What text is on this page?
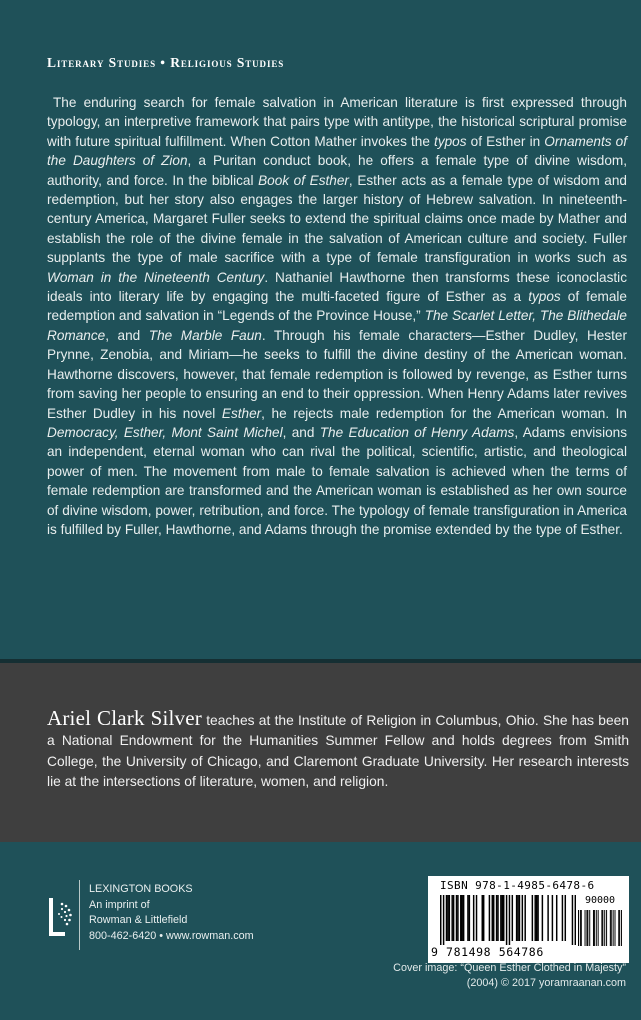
Literary Studies • Religious Studies

The enduring search for female salvation in American literature is first expressed through typology, an interpretive framework that pairs type with antitype, the historical scriptural promise with future spiritual fulfillment. When Cotton Mather invokes the typos of Esther in Ornaments of the Daughters of Zion, a Puritan conduct book, he offers a female type of divine wisdom, authority, and force. In the biblical Book of Esther, Esther acts as a female type of wisdom and redemption, but her story also engages the larger history of Hebrew salvation. In nineteenth-century America, Margaret Fuller seeks to extend the spiritual claims once made by Mather and establish the role of the divine female in the salvation of American culture and society. Fuller supplants the type of male sacrifice with a type of female transfiguration in works such as Woman in the Nineteenth Century. Nathaniel Hawthorne then transforms these iconoclastic ideals into literary life by engaging the multi-faceted figure of Esther as a typos of female redemption and salvation in “Legends of the Province House,” The Scarlet Letter, The Blithedale Romance, and The Marble Faun. Through his female characters—Esther Dudley, Hester Prynne, Zenobia, and Miriam—he seeks to fulfill the divine destiny of the American woman. Hawthorne discovers, however, that female redemption is followed by revenge, as Esther turns from saving her people to ensuring an end to their oppression. When Henry Adams later revives Esther Dudley in his novel Esther, he rejects male redemption for the American woman. In Democracy, Esther, Mont Saint Michel, and The Education of Henry Adams, Adams envisions an independent, eternal woman who can rival the political, scientific, artistic, and theological power of men. The movement from male to female salvation is achieved when the terms of female redemption are transformed and the American woman is established as her own source of divine wisdom, power, retribution, and force. The typology of female transfiguration in America is fulfilled by Fuller, Hawthorne, and Adams through the promise extended by the type of Esther.

Ariel Clark Silver teaches at the Institute of Religion in Columbus, Ohio. She has been a National Endowment for the Humanities Summer Fellow and holds degrees from Smith College, the University of Chicago, and Claremont Graduate University. Her research interests lie at the intersections of literature, women, and religion.

LEXINGTON BOOKS
An imprint of
Rowman & Littlefield
800-462-6420 • www.rowman.com
ISBN 978-1-4985-6478-6
90000
9 781498 564786
Cover image: “Queen Esther Clothed in Majesty”
(2004) © 2017 yoramraanan.com
